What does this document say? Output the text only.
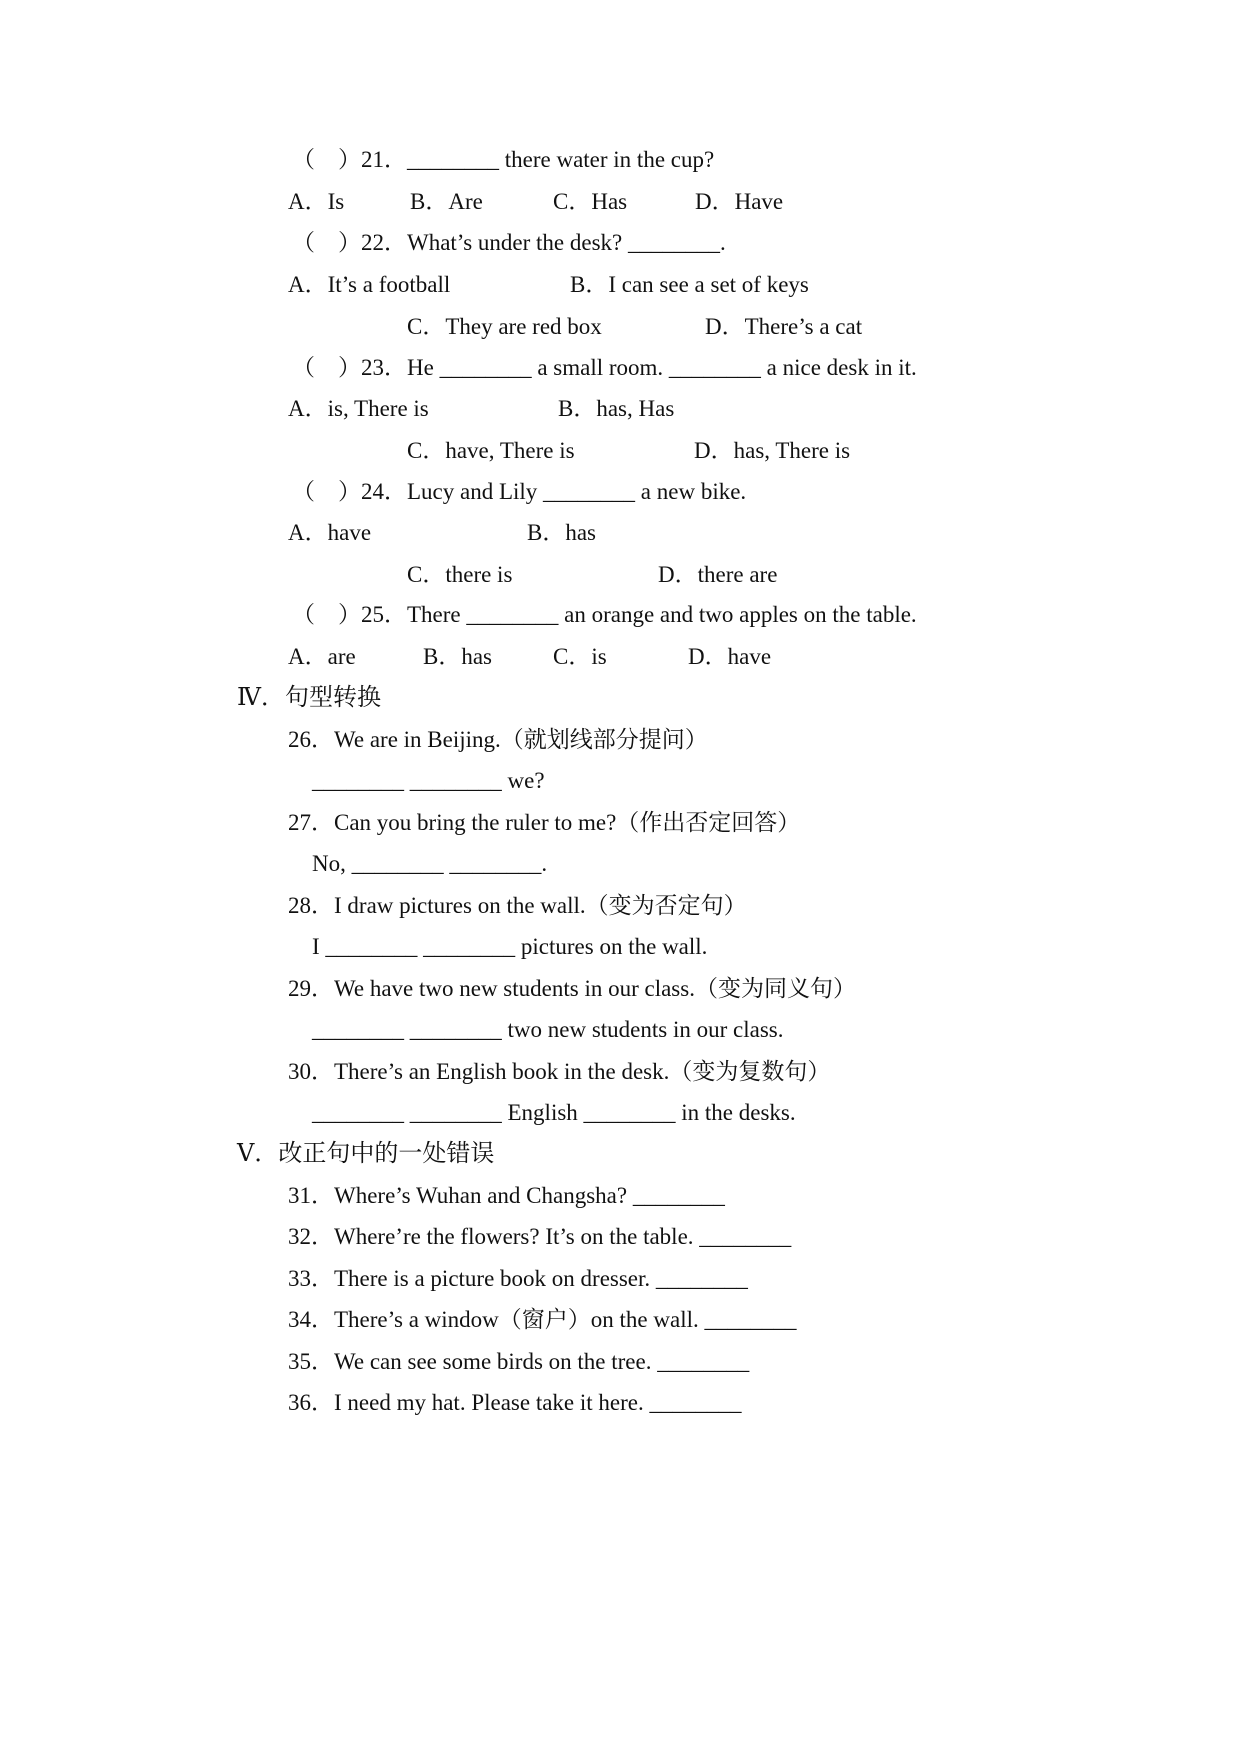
（    ）21．________ there water in the cup?
A．Is	B．Are	C．Has	D．Have
（    ）22．What’s under the desk? ________.
A．It’s a football	B．I can see a set of keys
C．They are red box	D．There’s a cat
（    ）23．He ________ a small room. ________ a nice desk in it.
A．is, There is	B．has, Has
C．have, There is	D．has, There is
（    ）24．Lucy and Lily ________ a new bike.
A．have	B．has
C．there is	D．there are
（    ）25．There ________ an orange and two apples on the table.
A．are	B．has	C．is	D．have
Ⅳ．句型转换
26．We are in Beijing.（就划线部分提问）
________ ________ we?
27．Can you bring the ruler to me?（作出否定回答）
No, ________ ________.
28．I draw pictures on the wall.（变为否定句）
I ________ ________ pictures on the wall.
29．We have two new students in our class.（变为同义句）
________ ________ two new students in our class.
30．There’s an English book in the desk.（变为复数句）
________ ________ English ________ in the desks.
Ⅴ．改正句中的一处错误
31．Where’s Wuhan and Changsha? ________
32．Where’re the flowers? It’s on the table. ________
33．There is a picture book on dresser. ________
34．There’s a window（窗户）on the wall. ________
35．We can see some birds on the tree. ________
36．I need my hat. Please take it here. ________
